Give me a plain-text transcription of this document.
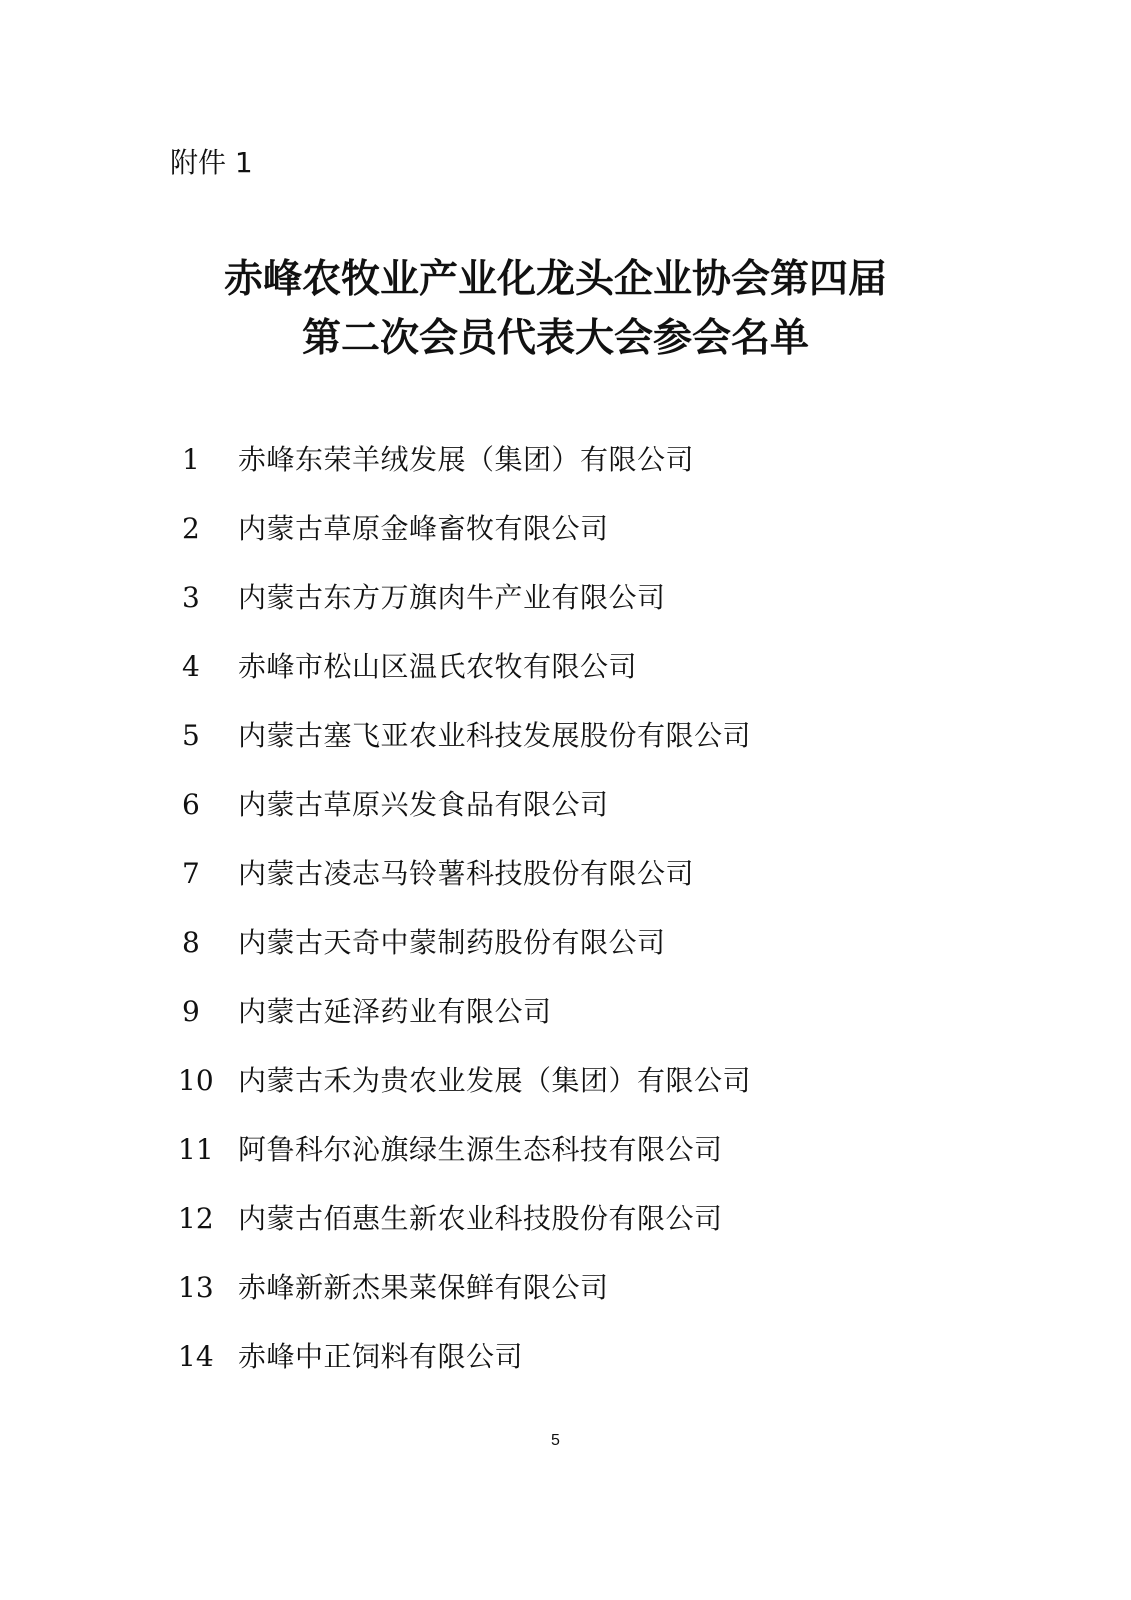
附件 1
赤峰农牧业产业化龙头企业协会第四届
第二次会员代表大会参会名单
1	赤峰东荣羊绒发展（集团）有限公司
2	内蒙古草原金峰畜牧有限公司
3	内蒙古东方万旗肉牛产业有限公司
4	赤峰市松山区温氏农牧有限公司
5	内蒙古塞飞亚农业科技发展股份有限公司
6	内蒙古草原兴发食品有限公司
7	内蒙古凌志马铃薯科技股份有限公司
8	内蒙古天奇中蒙制药股份有限公司
9	内蒙古延泽药业有限公司
10 内蒙古禾为贵农业发展（集团）有限公司
11 阿鲁科尔沁旗绿生源生态科技有限公司
12 内蒙古佰惠生新农业科技股份有限公司
13 赤峰新新杰果菜保鲜有限公司
14 赤峰中正饲料有限公司
5
